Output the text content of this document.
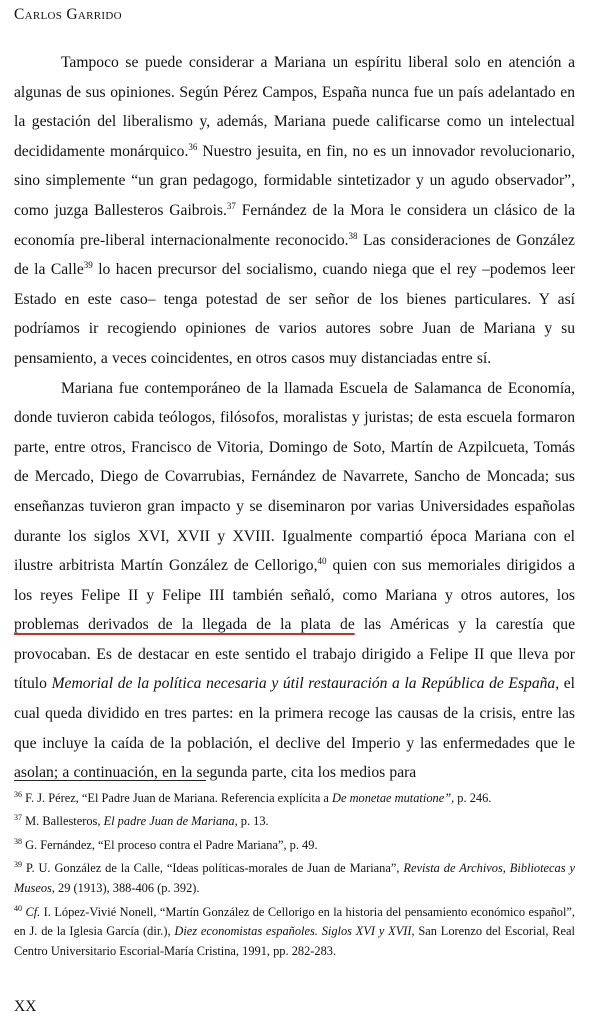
Carlos Garrido

Tampoco se puede considerar a Mariana un espíritu liberal solo en atención a algunas de sus opiniones. Según Pérez Campos, España nunca fue un país adelantado en la gestación del liberalismo y, además, Mariana puede calificarse como un intelectual decididamente monárquico.$^{36}$ Nuestro jesuita, en fin, no es un innovador revolucionario, sino simplemente “un gran pedagogo, formidable sintetizador y un agudo observador”, como juzga Ballesteros Gaibrois.$^{37}$ Fernández de la Mora le considera un clásico de la economía pre-liberal internacionalmente reconocido.$^{38}$ Las consideraciones de González de la Calle$^{39}$ lo hacen precursor del socialismo, cuando niega que el rey –podemos leer Estado en este caso– tenga potestad de ser señor de los bienes particulares. Y así podríamos ir recogiendo opiniones de varios autores sobre Juan de Mariana y su pensamiento, a veces coincidentes, en otros casos muy distanciadas entre sí.

Mariana fue contemporáneo de la llamada Escuela de Salamanca de Economía, donde tuvieron cabida teólogos, filósofos, moralistas y juristas; de esta escuela formaron parte, entre otros, Francisco de Vitoria, Domingo de Soto, Martín de Azpilcueta, Tomás de Mercado, Diego de Covarrubias, Fernández de Navarrete, Sancho de Moncada; sus enseñanzas tuvieron gran impacto y se diseminaron por varias Universidades españolas durante los siglos XVI, XVII y XVIII. Igualmente compartió época Mariana con el ilustre arbitrista Martín González de Cellorigo,$^{40}$ quien con sus memoriales dirigidos a los reyes Felipe II y Felipe III también señaló, como Mariana y otros autores, los problemas derivados de la llegada de la plata de las Américas y la carestía que provocaban. Es de destacar en este sentido el trabajo dirigido a Felipe II que lleva por título Memorial de la política necesaria y útil restauración a la República de España, el cual queda dividido en tres partes: en la primera recoge las causas de la crisis, entre las que incluye la caída de la población, el declive del Imperio y las enfermedades que le asolan; a continuación, en la segunda parte, cita los medios para

$^{36}$ F. J. Pérez, “El Padre Juan de Mariana. Referencia explícita a De monetae mutatione”, p. 246.

$^{37}$ M. Ballesteros, El padre Juan de Mariana, p. 13.

$^{38}$ G. Fernández, “El proceso contra el Padre Mariana”, p. 49.

$^{39}$ P. U. González de la Calle, “Ideas políticas-morales de Juan de Mariana”, Revista de Archivos, Bibliotecas y Museos, 29 (1913), 388-406 (p. 392).

$^{40}$ Cf. I. López-Vivié Nonell, “Martín González de Cellorigo en la historia del pensamiento económico español”, en J. de la Iglesia García (dir.), Diez economistas españoles. Siglos XVI y XVII, San Lorenzo del Escorial, Real Centro Universitario Escorial-María Cristina, 1991, pp. 282-283.

XX
